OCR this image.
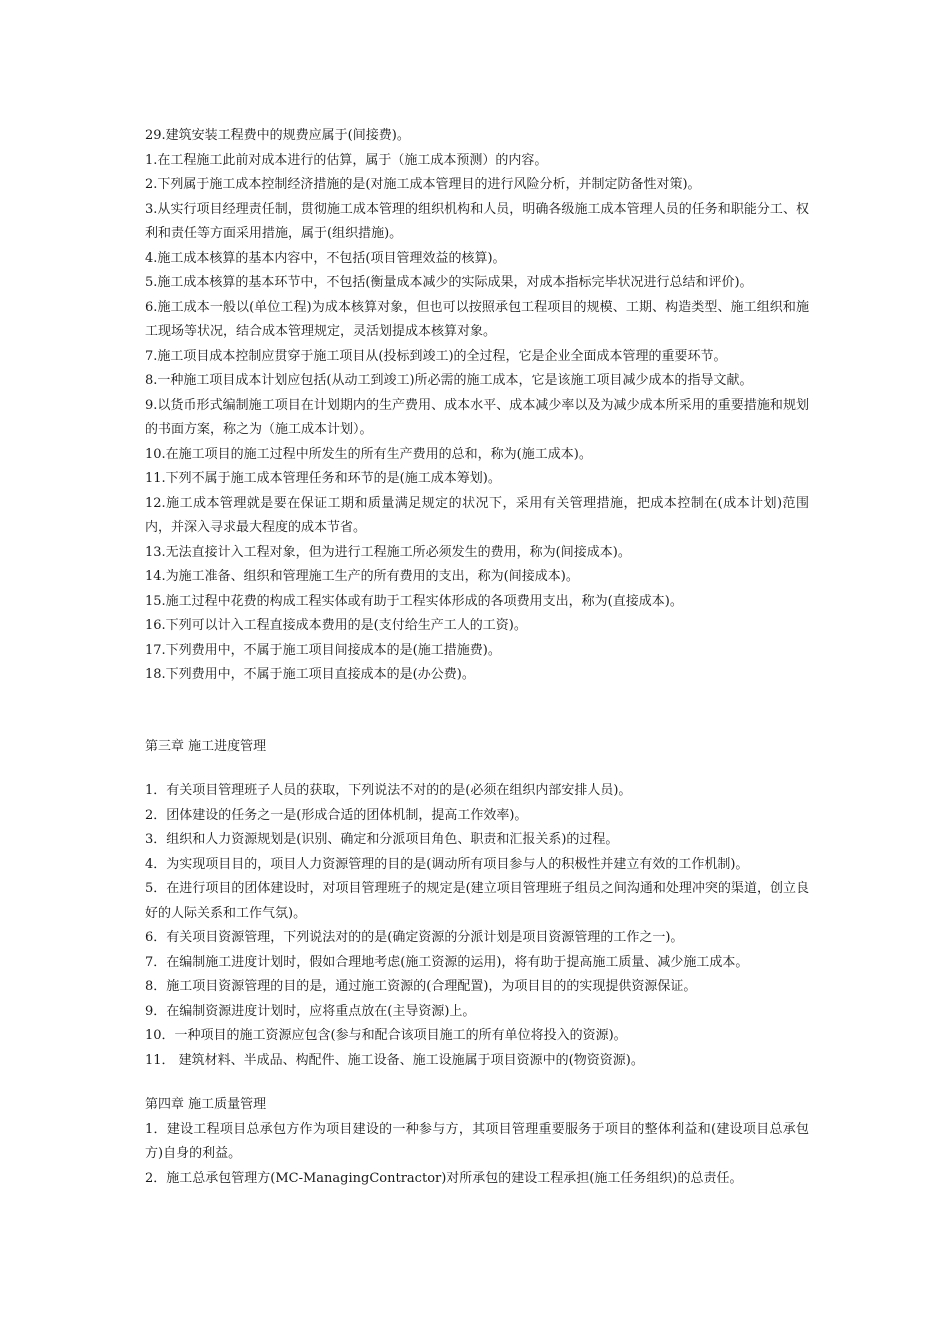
29.建筑安装工程费中的规费应属于(间接费)。

1.在工程施工此前对成本进行的估算，属于（施工成本预测）的内容。

2.下列属于施工成本控制经济措施的是(对施工成本管理目的进行风险分析，并制定防备性对策)。

3.从实行项目经理责任制，贯彻施工成本管理的组织机构和人员，明确各级施工成本管理人员的任务和职能分工、权利和责任等方面采用措施，属于(组织措施)。

4.施工成本核算的基本内容中，不包括(项目管理效益的核算)。

5.施工成本核算的基本环节中，不包括(衡量成本减少的实际成果，对成本指标完毕状况进行总结和评价)。

6.施工成本一般以(单位工程)为成本核算对象，但也可以按照承包工程项目的规模、工期、构造类型、施工组织和施工现场等状况，结合成本管理规定，灵活划提成本核算对象。

7.施工项目成本控制应贯穿于施工项目从(投标到竣工)的全过程，它是企业全面成本管理的重要环节。

8.一种施工项目成本计划应包括(从动工到竣工)所必需的施工成本，它是该施工项目减少成本的指导文献。

9.以货币形式编制施工项目在计划期内的生产费用、成本水平、成本减少率以及为减少成本所采用的重要措施和规划的书面方案，称之为（施工成本计划）。

10.在施工项目的施工过程中所发生的所有生产费用的总和，称为(施工成本)。

11.下列不属于施工成本管理任务和环节的是(施工成本筹划)。

12.施工成本管理就是要在保证工期和质量满足规定的状况下，采用有关管理措施，把成本控制在(成本计划)范围内，并深入寻求最大程度的成本节省。

13.无法直接计入工程对象，但为进行工程施工所必须发生的费用，称为(间接成本)。

14.为施工准备、组织和管理施工生产的所有费用的支出，称为(间接成本)。

15.施工过程中花费的构成工程实体或有助于工程实体形成的各项费用支出，称为(直接成本)。

16.下列可以计入工程直接成本费用的是(支付给生产工人的工资)。

17.下列费用中，不属于施工项目间接成本的是(施工措施费)。

18.下列费用中，不属于施工项目直接成本的是(办公费)。

第三章 施工进度管理

1．有关项目管理班子人员的获取，下列说法不对的的是(必须在组织内部安排人员)。

2．团体建设的任务之一是(形成合适的团体机制，提高工作效率)。

3．组织和人力资源规划是(识别、确定和分派项目角色、职责和汇报关系)的过程。

4．为实现项目目的，项目人力资源管理的目的是(调动所有项目参与人的积极性并建立有效的工作机制)。

5．在进行项目的团体建设时，对项目管理班子的规定是(建立项目管理班子组员之间沟通和处理冲突的渠道，创立良好的人际关系和工作气氛)。

6．有关项目资源管理，下列说法对的的是(确定资源的分派计划是项目资源管理的工作之一)。

7．在编制施工进度计划时，假如合理地考虑(施工资源的运用)，将有助于提高施工质量、减少施工成本。

8．施工项目资源管理的目的是，通过施工资源的(合理配置)，为项目目的的实现提供资源保证。

9．在编制资源进度计划时，应将重点放在(主导资源)上。

10．一种项目的施工资源应包含(参与和配合该项目施工的所有单位将投入的资源)。

11． 建筑材料、半成品、构配件、施工设备、施工设施属于项目资源中的(物资资源)。

第四章 施工质量管理

1．建设工程项目总承包方作为项目建设的一种参与方，其项目管理重要服务于项目的整体利益和(建设项目总承包方)自身的利益。

2．施工总承包管理方(MC-ManagingContractor)对所承包的建设工程承担(施工任务组织)的总责任。
